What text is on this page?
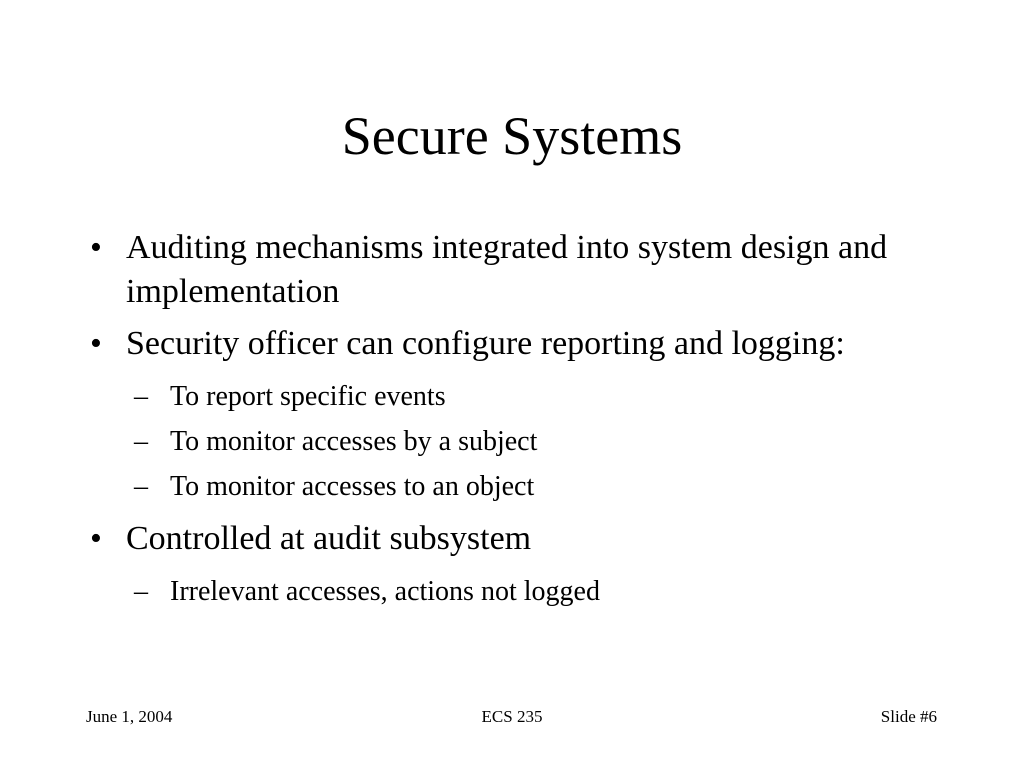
Secure Systems
• Auditing mechanisms integrated into system design and implementation
• Security officer can configure reporting and logging:
– To report specific events
– To monitor accesses by a subject
– To monitor accesses to an object
• Controlled at audit subsystem
– Irrelevant accesses, actions not logged
June 1, 2004	ECS 235	Slide #6
